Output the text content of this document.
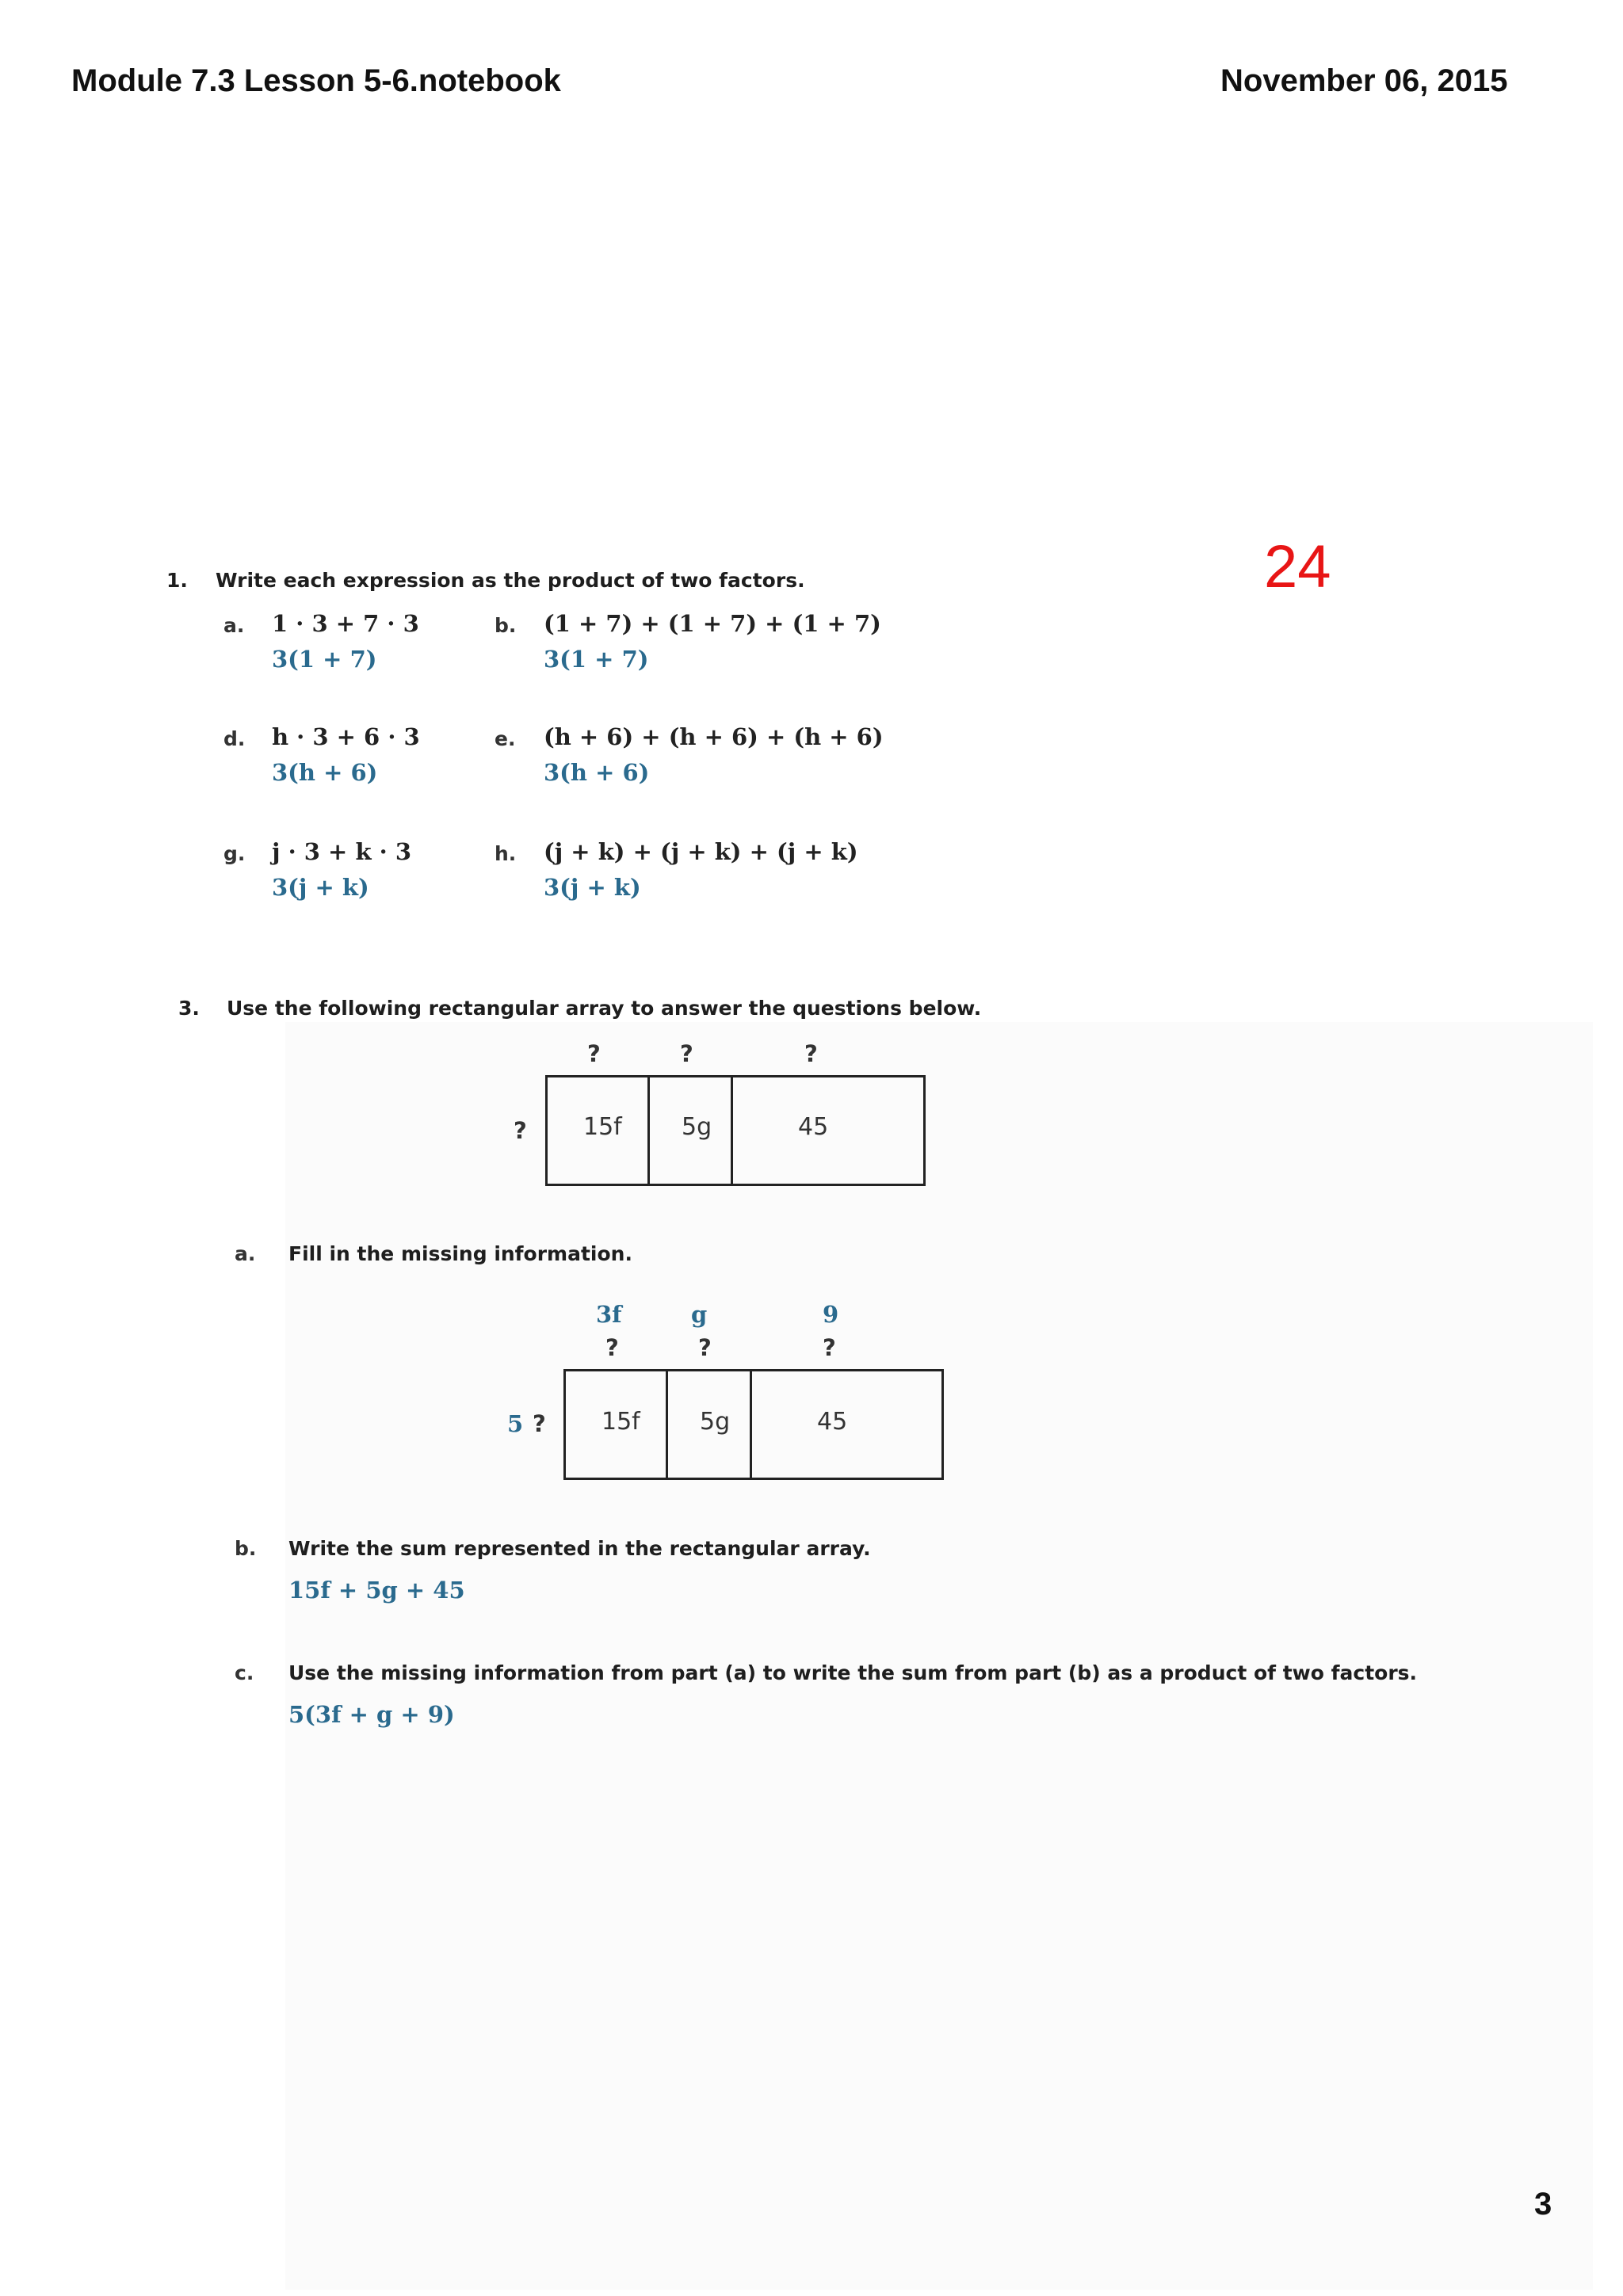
Module 7.3 Lesson 5-6.notebook	November 06, 2015
24
1. Write each expression as the product of two factors.
a. 1 · 3 + 7 · 3
3(1 + 7)
b. (1 + 7) + (1 + 7) + (1 + 7)
3(1 + 7)
d. h · 3 + 6 · 3
3(h + 6)
e. (h + 6) + (h + 6) + (h + 6)
3(h + 6)
g. j · 3 + k · 3
3(j + k)
h. (j + k) + (j + k) + (j + k)
3(j + k)
3. Use the following rectangular array to answer the questions below.
?	?	?
? 15f	5g	45
a. Fill in the missing information.
3f	g	9
?	?	?
5 ? 15f	5g	45
b. Write the sum represented in the rectangular array.
15f + 5g + 45
c. Use the missing information from part (a) to write the sum from part (b) as a product of two factors.
5(3f + g + 9)
3
